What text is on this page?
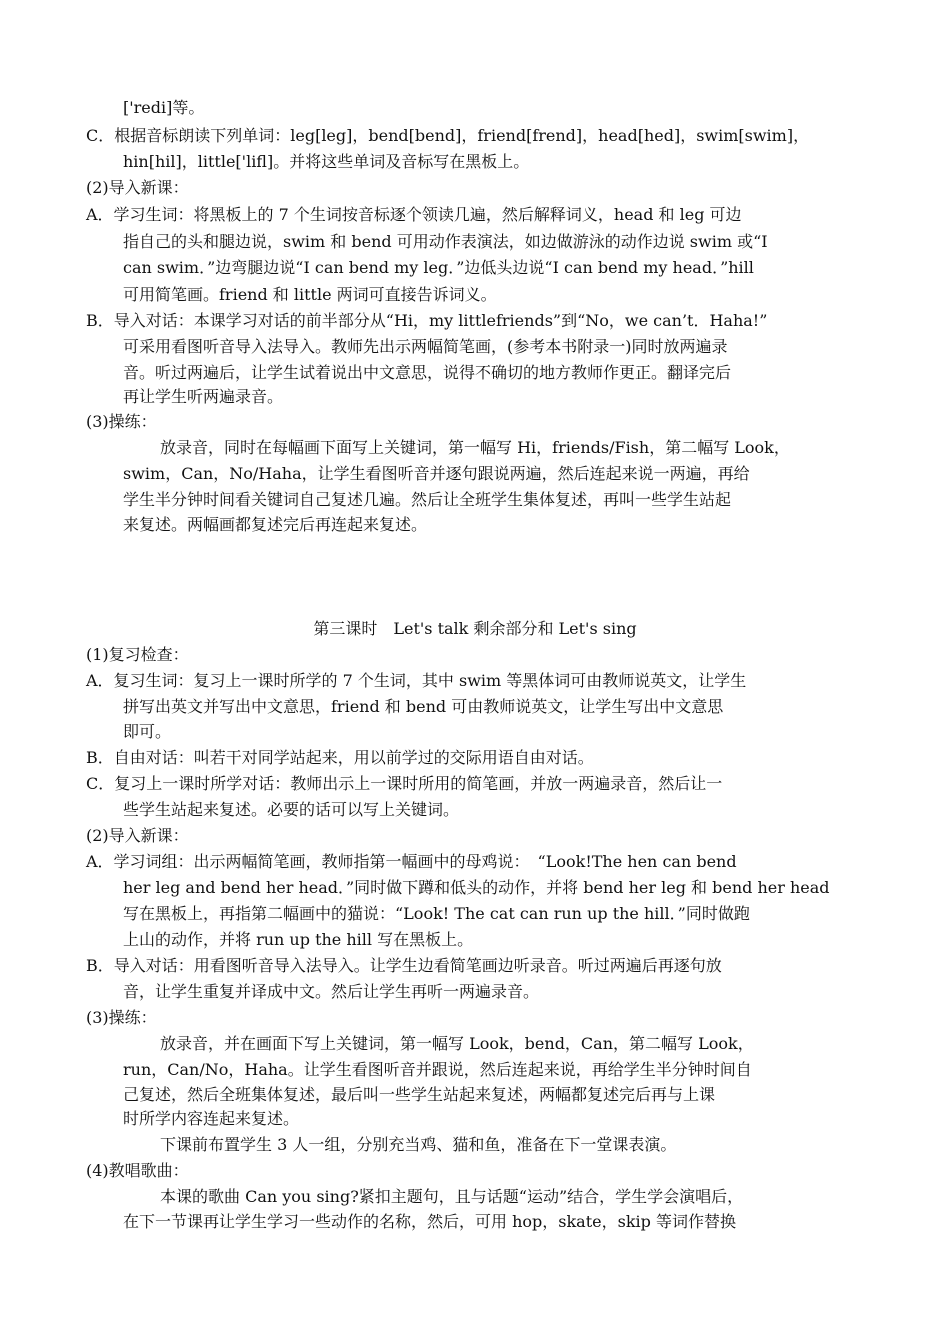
['redi]等。
C．根据音标朗读下列单词：leg[leg]，bend[bend]，friend[frend]，head[hed]，swim[swim]，
hin[hil]，little['lifl]。并将这些单词及音标写在黑板上。
(2)导入新课：
A．学习生词：将黑板上的 7 个生词按音标逐个领读几遍，然后解释词义，head 和 leg 可边
指自己的头和腿边说，swim 和 bend 可用动作表演法，如边做游泳的动作边说 swim 或“I
can swim．”边弯腿边说“I can bend my leg．”边低头边说“I can bend my head．”hill
可用简笔画。friend 和 little 两词可直接告诉词义。
B．导入对话：本课学习对话的前半部分从“Hi，my littlefriends”到“No，we can’t．Haha!”
可采用看图听音导入法导入。教师先出示两幅简笔画，(参考本书附录一)同时放两遍录
音。听过两遍后，让学生试着说出中文意思，说得不确切的地方教师作更正。翻译完后
再让学生听两遍录音。
(3)操练：
放录音，同时在每幅画下面写上关键词，第一幅写 Hi，friends/Fish，第二幅写 Look，
swim，Can，No/Haha，让学生看图听音并逐句跟说两遍，然后连起来说一两遍，再给
学生半分钟时间看关键词自己复述几遍。然后让全班学生集体复述，再叫一些学生站起
来复述。两幅画都复述完后再连起来复述。
第三课时　Let's talk 剩余部分和 Let's sing
(1)复习检查：
A．复习生词：复习上一课时所学的 7 个生词，其中 swim 等黑体词可由教师说英文，让学生
拼写出英文并写出中文意思，friend 和 bend 可由教师说英文，让学生写出中文意思
即可。
B．自由对话：叫若干对同学站起来，用以前学过的交际用语自由对话。
C．复习上一课时所学对话：教师出示上一课时所用的简笔画，并放一两遍录音，然后让一
些学生站起来复述。必要的话可以写上关键词。
(2)导入新课：
A．学习词组：出示两幅简笔画，教师指第一幅画中的母鸡说：　“Look!The hen can bend
her leg and bend her head．”同时做下蹲和低头的动作，并将 bend her leg 和 bend her head
写在黑板上，再指第二幅画中的猫说：“Look! The cat can run up the hill．”同时做跑
上山的动作，并将 run up the hill 写在黑板上。
B．导入对话：用看图听音导入法导入。让学生边看简笔画边听录音。听过两遍后再逐句放
音，让学生重复并译成中文。然后让学生再听一两遍录音。
(3)操练：
放录音，并在画面下写上关键词，第一幅写 Look，bend，Can，第二幅写 Look，
run，Can/No，Haha。让学生看图听音并跟说，然后连起来说，再给学生半分钟时间自
己复述，然后全班集体复述，最后叫一些学生站起来复述，两幅都复述完后再与上课
时所学内容连起来复述。
下课前布置学生 3 人一组，分别充当鸡、猫和鱼，准备在下一堂课表演。
(4)教唱歌曲：
本课的歌曲 Can you sing?紧扣主题句，且与话题“运动”结合，学生学会演唱后，
在下一节课再让学生学习一些动作的名称，然后，可用 hop，skate，skip 等词作替换
